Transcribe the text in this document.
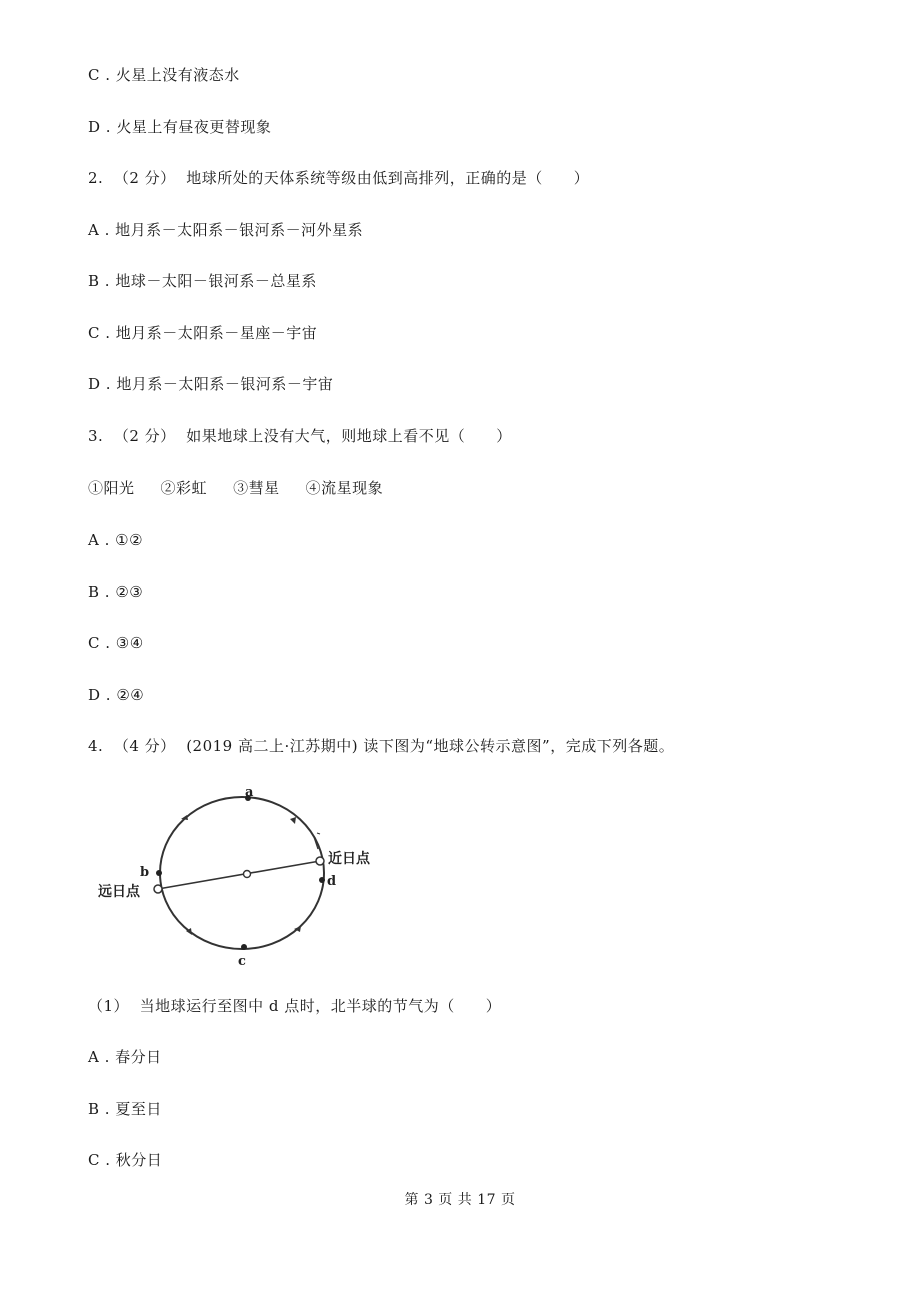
C . 火星上没有液态水
D . 火星上有昼夜更替现象
2.  （2 分）  地球所处的天体系统等级由低到高排列，正确的是（　　）
A . 地月系－太阳系－银河系－河外星系
B . 地球－太阳－银河系－总星系
C . 地月系－太阳系－星座－宇宙
D . 地月系－太阳系－银河系－宇宙
3.  （2 分）  如果地球上没有大气，则地球上看不见（　　）
①阳光　  ②彩虹　  ③彗星　  ④流星现象
A . ①②
B . ②③
C . ③④
D . ②④
4.  （4 分）  (2019 高二上·江苏期中) 读下图为“地球公转示意图”，完成下列各题。
a
b
c
d
近日点
远日点
（1）  当地球运行至图中 d 点时，北半球的节气为（　　）
A . 春分日
B . 夏至日
C . 秋分日
第 3 页 共 17 页
